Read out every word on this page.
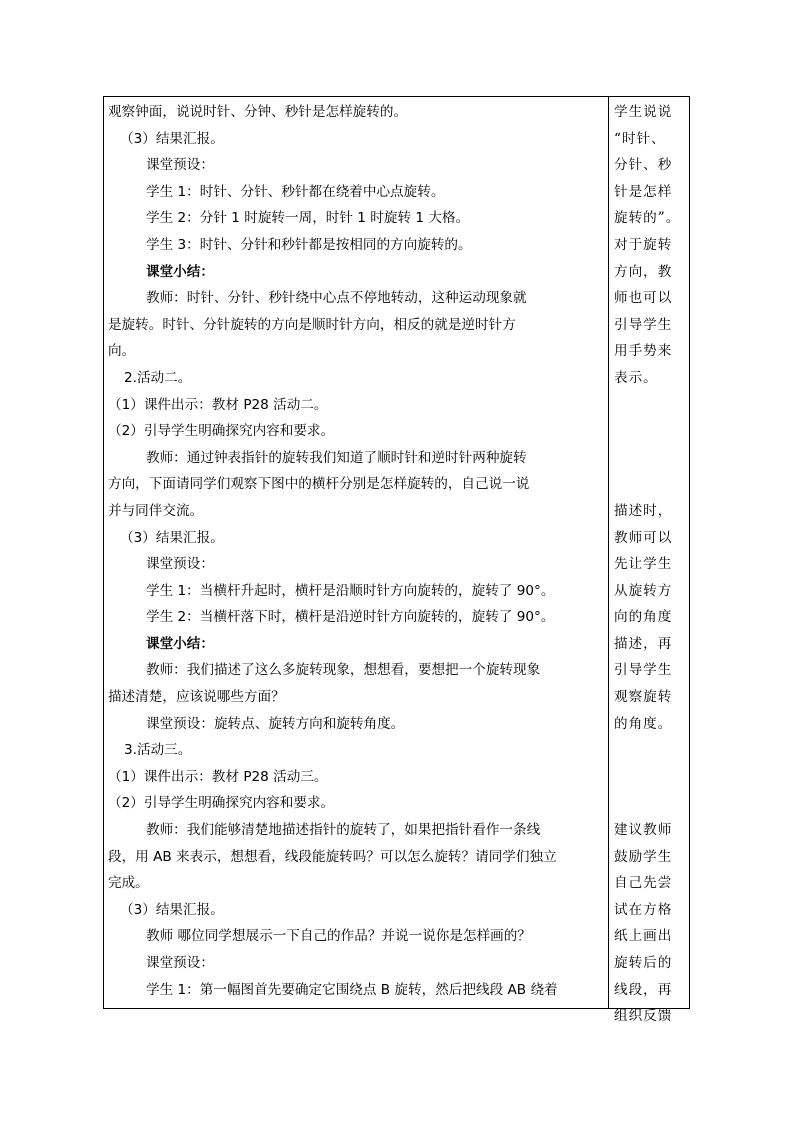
观察钟面，说说时针、分钟、秒针是怎样旋转的。
（3）结果汇报。
课堂预设：
学生 1：时针、分针、秒针都在绕着中心点旋转。
学生 2：分针 1 时旋转一周，时针 1 时旋转 1 大格。
学生 3：时针、分针和秒针都是按相同的方向旋转的。
课堂小结：
教师：时针、分针、秒针绕中心点不停地转动，这种运动现象就
是旋转。时针、分针旋转的方向是顺时针方向，相反的就是逆时针方
向。
2.活动二。
（1）课件出示：教材 P28 活动二。
（2）引导学生明确探究内容和要求。
教师：通过钟表指针的旋转我们知道了顺时针和逆时针两种旋转
方向，下面请同学们观察下图中的横杆分别是怎样旋转的，自己说一说
并与同伴交流。
（3）结果汇报。
课堂预设：
学生 1：当横杆升起时，横杆是沿顺时针方向旋转的，旋转了 90°。
学生 2：当横杆落下时，横杆是沿逆时针方向旋转的，旋转了 90°。
课堂小结：
教师：我们描述了这么多旋转现象，想想看，要想把一个旋转现象
描述清楚，应该说哪些方面？
课堂预设：旋转点、旋转方向和旋转角度。
3.活动三。
（1）课件出示：教材 P28 活动三。
（2）引导学生明确探究内容和要求。
教师：我们能够清楚地描述指针的旋转了，如果把指针看作一条线
段，用 AB 来表示，想想看，线段能旋转吗？可以怎么旋转？请同学们独立
完成。
（3）结果汇报。
教师 哪位同学想展示一下自己的作品？并说一说你是怎样画的？
课堂预设：
学生 1：第一幅图首先要确定它围绕点 B 旋转，然后把线段 AB 绕着
学生说说
“时针、
分针、秒
针是怎样
旋转的”。
对于旋转
方向，教
师也可以
引导学生
用手势来
表示。
描述时，
教师可以
先让学生
从旋转方
向的角度
描述，再
引导学生
观察旋转
的角度。
建议教师
鼓励学生
自己先尝
试在方格
纸上画出
旋转后的
线段，再
组织反馈
